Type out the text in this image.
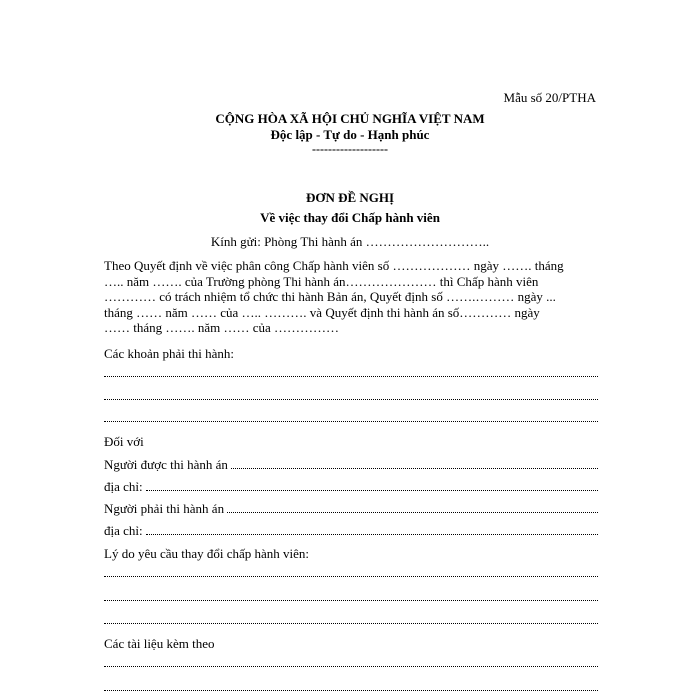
Mẫu số 20/PTHA
CỘNG HÒA XÃ HỘI CHỦ NGHĨA VIỆT NAM
Độc lập - Tự do - Hạnh phúc
-------------------
ĐƠN ĐỀ NGHỊ
Về việc thay đổi Chấp hành viên
Kính gửi: Phòng Thi hành án ………………………..
Theo Quyết định về việc phân công Chấp hành viên số ……………… ngày ……. tháng
….. năm ……. của Trường phòng Thi hành án………………… thì Chấp hành viên
………… có trách nhiệm tổ chức thi hành Bản án, Quyết định số …….……… ngày ...
tháng …… năm …… của ….. ………. và Quyết định thi hành án số………… ngày
…… tháng ……. năm …… của ……………
Các khoản phải thi hành:
Đối với
Người được thi hành án
địa chỉ:
Người phải thi hành án
địa chỉ:
Lý do yêu cầu thay đổi chấp hành viên:
Các tài liệu kèm theo
